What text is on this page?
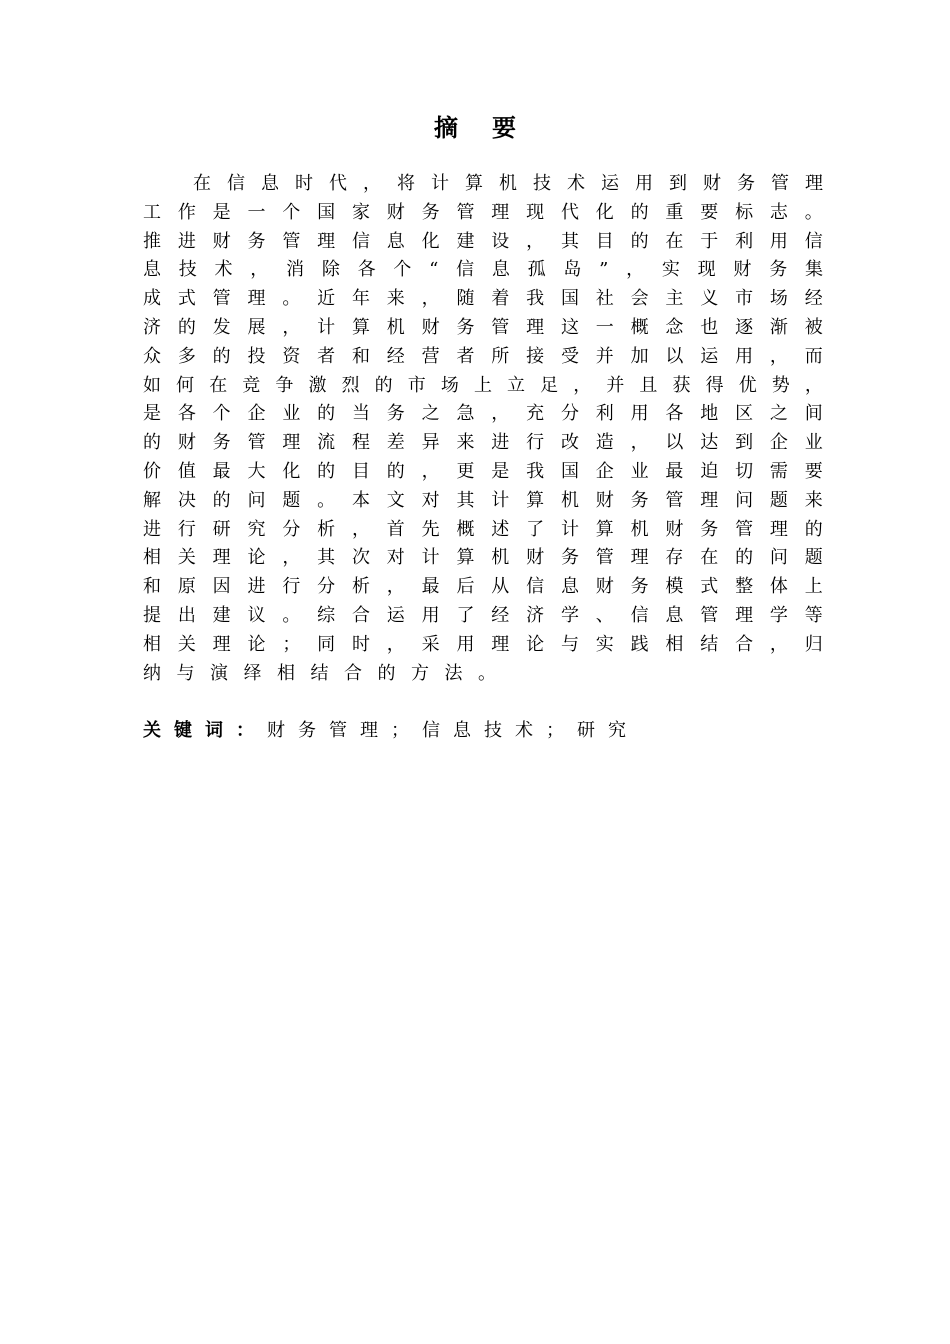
摘 要
在 信 息 时 代 ， 将 计 算 机 技 术 运 用 到 财 务 管 理
工 作 是 一 个 国 家 财 务 管 理 现 代 化 的 重 要 标 志 。
推 进 财 务 管 理 信 息 化 建 设 ， 其 目 的 在 于 利 用 信
息 技 术 ， 消 除 各 个 “ 信 息 孤 岛 ” ， 实 现 财 务 集
成 式 管 理 。 近 年 来 ， 随 着 我 国 社 会 主 义 市 场 经
济 的 发 展 ， 计 算 机 财 务 管 理 这 一 概 念 也 逐 渐 被
众 多 的 投 资 者 和 经 营 者 所 接 受 并 加 以 运 用 ， 而
如 何 在 竞 争 激 烈 的 市 场 上 立 足 ， 并 且 获 得 优 势 ，
是 各 个 企 业 的 当 务 之 急 ， 充 分 利 用 各 地 区 之 间
的 财 务 管 理 流 程 差 异 来 进 行 改 造 ， 以 达 到 企 业
价 值 最 大 化 的 目 的 ， 更 是 我 国 企 业 最 迫 切 需 要
解 决 的 问 题 。 本 文 对 其 计 算 机 财 务 管 理 问 题 来
进 行 研 究 分 析 ， 首 先 概 述 了 计 算 机 财 务 管 理 的
相 关 理 论 ， 其 次 对 计 算 机 财 务 管 理 存 在 的 问 题
和 原 因 进 行 分 析 ， 最 后 从 信 息 财 务 模 式 整 体 上
提 出 建 议 。 综 合 运 用 了 经 济 学 、 信 息 管 理 学 等
相 关 理 论 ； 同 时 ， 采 用 理 论 与 实 践 相 结 合 ， 归
纳 与 演 绎 相 结 合 的 方 法 。
关键词：财务管理；信息技术；研究
